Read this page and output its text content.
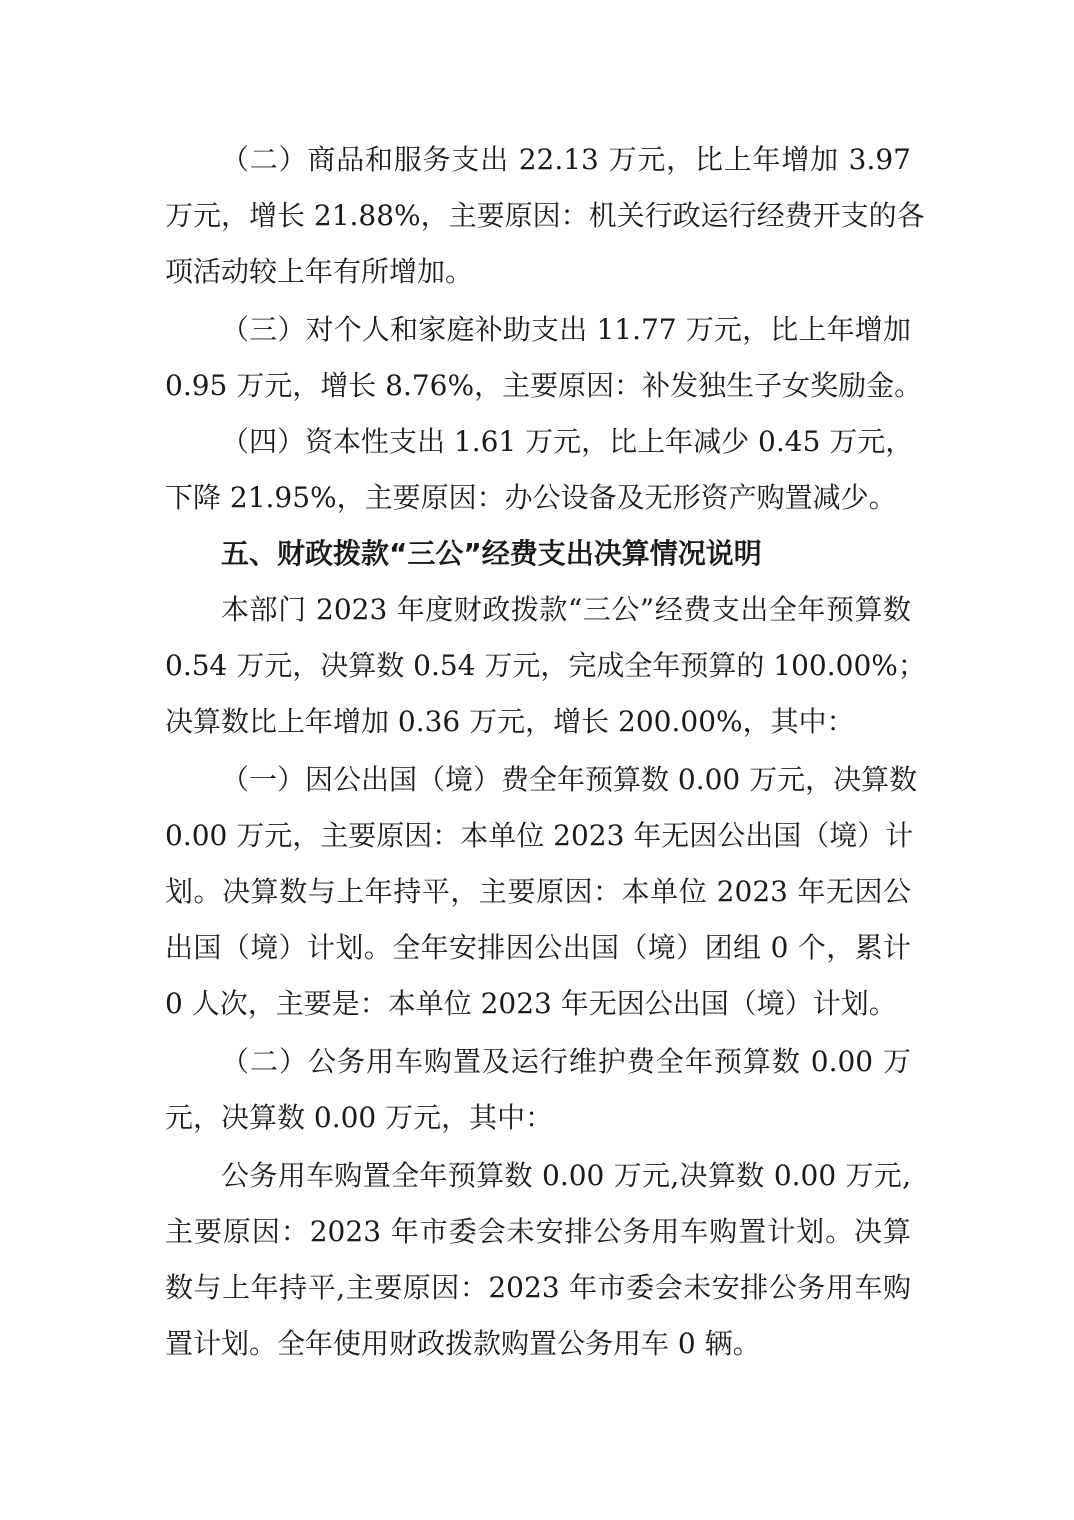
（二）商品和服务支出 22.13 万元，比上年增加 3.97
万元，增长 21.88%，主要原因：机关行政运行经费开支的各
项活动较上年有所增加。
（三）对个人和家庭补助支出 11.77 万元，比上年增加
0.95 万元，增长 8.76%，主要原因：补发独生子女奖励金。
（四）资本性支出 1.61 万元，比上年减少 0.45 万元，
下降 21.95%，主要原因：办公设备及无形资产购置减少。
五、财政拨款“三公”经费支出决算情况说明
本部门 2023 年度财政拨款“三公”经费支出全年预算数
0.54 万元，决算数 0.54 万元，完成全年预算的 100.00%；
决算数比上年增加 0.36 万元，增长 200.00%，其中：
（一）因公出国（境）费全年预算数 0.00 万元，决算数
0.00 万元，主要原因：本单位 2023 年无因公出国（境）计
划。决算数与上年持平，主要原因：本单位 2023 年无因公
出国（境）计划。全年安排因公出国（境）团组 0 个，累计
0 人次，主要是：本单位 2023 年无因公出国（境）计划。
（二）公务用车购置及运行维护费全年预算数 0.00 万
元，决算数 0.00 万元，其中：
公务用车购置全年预算数 0.00 万元,决算数 0.00 万元,
主要原因：2023 年市委会未安排公务用车购置计划。决算
数与上年持平,主要原因：2023 年市委会未安排公务用车购
置计划。全年使用财政拨款购置公务用车 0 辆。
